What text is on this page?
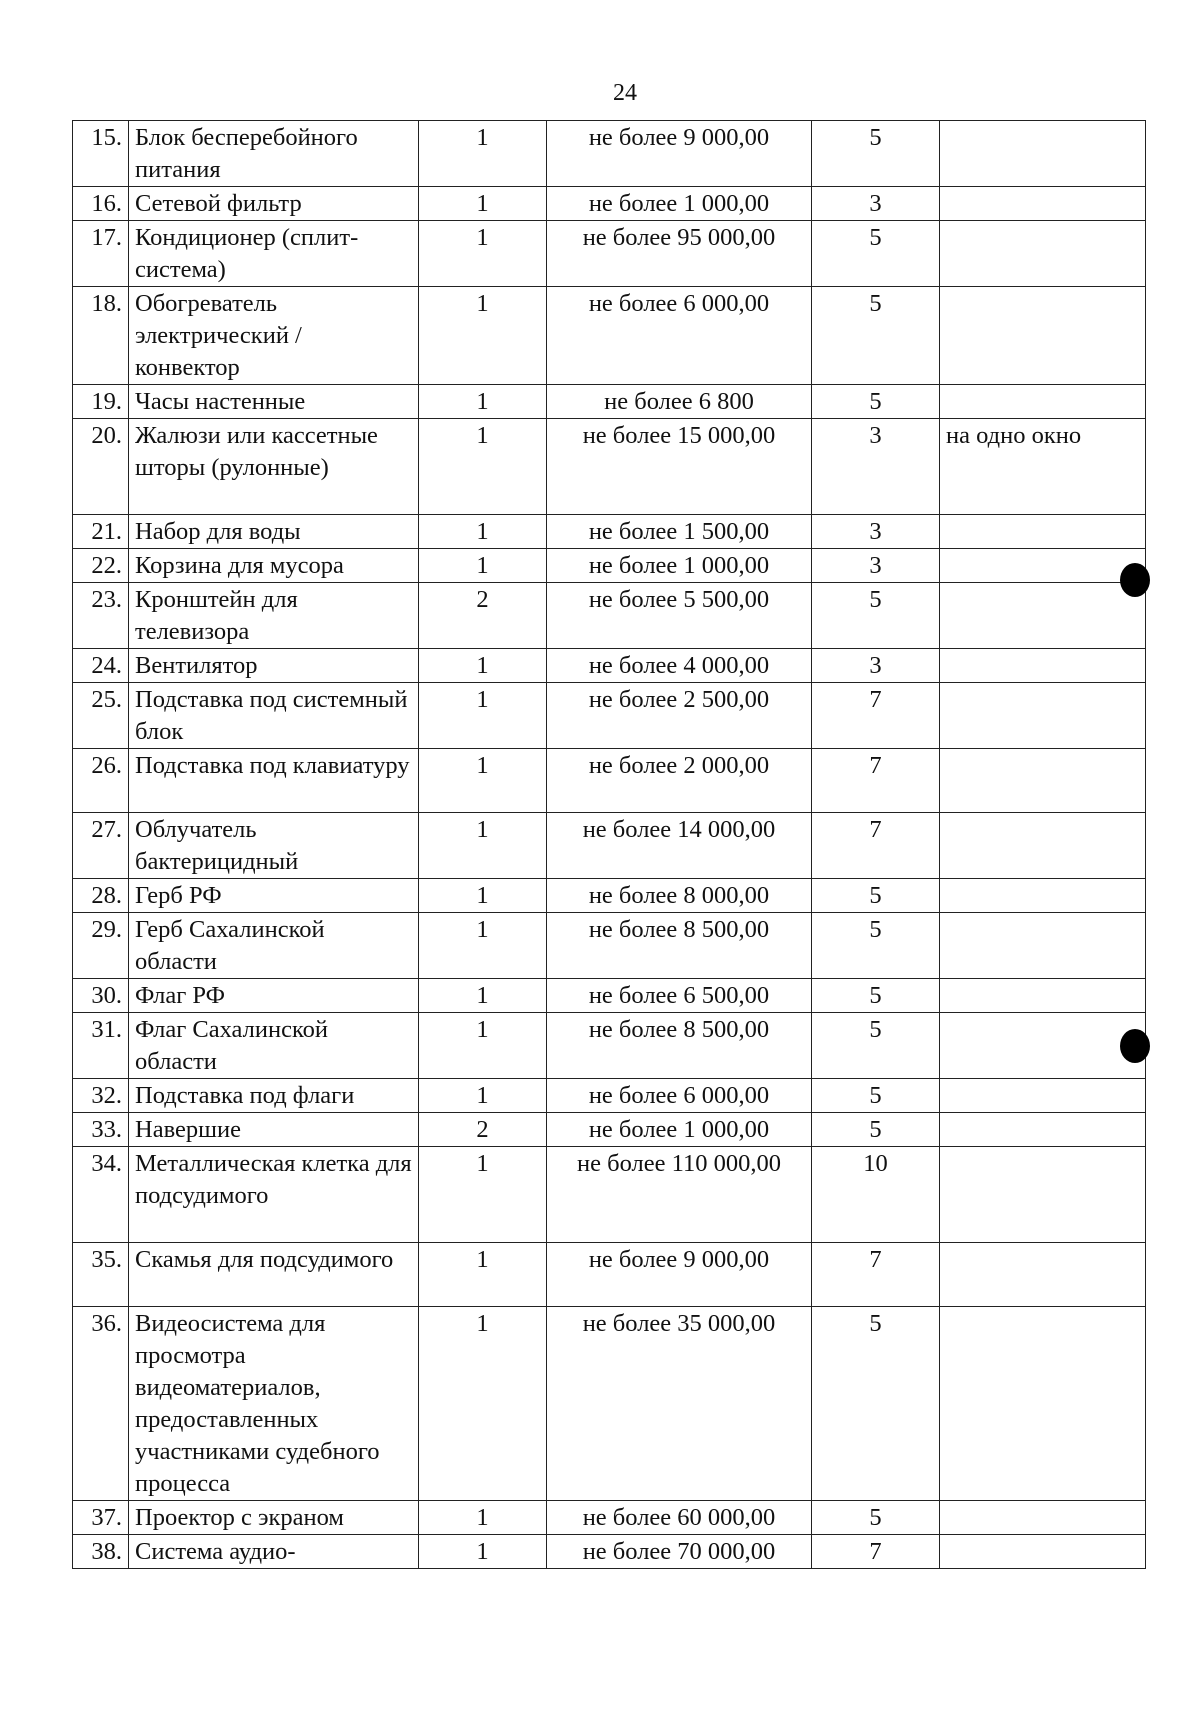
24
15.	Блок бесперебойного питания	1	не более 9 000,00	5	
16.	Сетевой фильтр	1	не более 1 000,00	3	
17.	Кондиционер (сплит-система)	1	не более 95 000,00	5	
18.	Обогреватель электрический / конвектор	1	не более 6 000,00	5	
19.	Часы настенные	1	не более 6 800	5	
20.	Жалюзи или кассетные шторы (рулонные)	1	не более 15 000,00	3	на одно окно
21.	Набор для воды	1	не более 1 500,00	3	
22.	Корзина для мусора	1	не более 1 000,00	3	
23.	Кронштейн для телевизора	2	не более 5 500,00	5	
24.	Вентилятор	1	не более 4 000,00	3	
25.	Подставка под системный блок	1	не более 2 500,00	7	
26.	Подставка под клавиатуру	1	не более 2 000,00	7	
27.	Облучатель бактерицидный	1	не более 14 000,00	7	
28.	Герб РФ	1	не более 8 000,00	5	
29.	Герб Сахалинской области	1	не более 8 500,00	5	
30.	Флаг РФ	1	не более 6 500,00	5	
31.	Флаг Сахалинской области	1	не более 8 500,00	5	
32.	Подставка под флаги	1	не более 6 000,00	5	
33.	Навершие	2	не более 1 000,00	5	
34.	Металлическая клетка для подсудимого	1	не более 110 000,00	10	
35.	Скамья для подсудимого	1	не более 9 000,00	7	
36.	Видеосистема для просмотра видеоматериалов, предоставленных участниками судебного процесса	1	не более 35 000,00	5	
37.	Проектор с экраном	1	не более 60 000,00	5	
38.	Система аудио-	1	не более 70 000,00	7	
